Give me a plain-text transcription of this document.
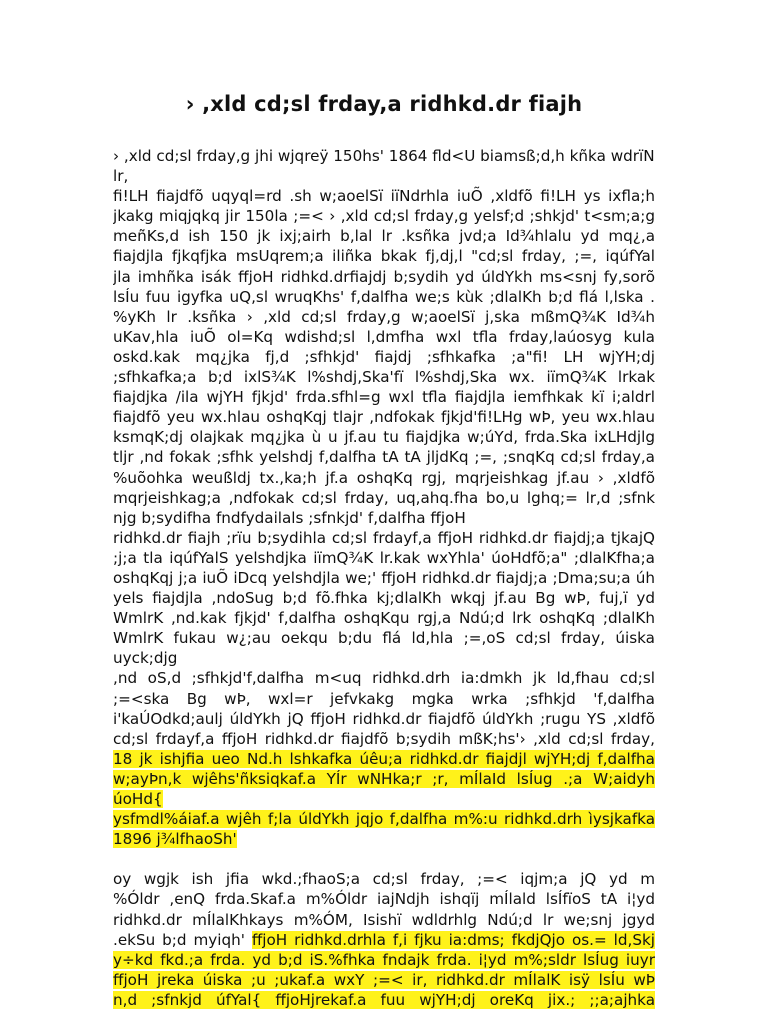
› ,xld cd;sl frday,a ridhkd.dr fiajh
› ,xld cd;sl frday,g jhi wjqreÿ 150hs' 1864 fld<U biamsß;d,h kñka wdrïN
lr,
fi!LH fiajdfõ uqyql=rd .sh w;aoelSï iïNdrhla iuÕ ,xldfõ fi!LH ys ixfla;h
jkakg miqjqkq jir 150la ;=< › ,xld cd;sl frday,g yelsf;d ;shkjd' t<sm;a;g
meñKs,d ish 150 jk ixj;airh b,lal lr .ksñka jvd;a Id¾hlalu yd mq¿,a
fiajdjla fjkqfjka msUqrem;a iliñka bkak fj,dj,l "cd;sl frday, ;=, iqúfYal
jla imhñka isák ffjoH ridhkd.drfiajdj b;sydih yd úldYkh ms<snj fy,sorõ
lsÍu fuu igyfka uQ,sl wruqKhs' f,dalfha we;s kùk ;dlalKh b;d flá l,lska .
%yKh lr .ksñka › ,xld cd;sl frday,g w;aoelSï j,ska mßmQ¾K Id¾h
uKav,hla iuÕ ol=Kq wdishd;sl l,dmfha wxl tfla frday,laúosyg kula
oskd.kak mq¿jka fj,d ;sfhkjd' fiajdj ;sfhkafka ;a"fi! LH wjYH;dj
;sfhkafka;a b;d ixlS¾K l%shdj,Ska'fï l%shdj,Ska wx. iïmQ¾K lrkak
fiajdjka /ila wjYH fjkjd' frda.sfhl=g wxl tfla fiajdjla iemfhkak kï i;aldrl
fiajdfõ yeu wx.hlau oshqKqj tlajr ,ndfokak fjkjd'fi!LHg wÞ, yeu wx.hlau
ksmqK;dj olajkak mq¿jka ù u jf.au tu fiajdjka w;úYd, frda.Ska ixLHdjlg
tljr ,nd fokak ;sfhk yelshdj f,dalfha tA tA jljdKq ;=, ;snqKq cd;sl frday,a
%uõohka weußldj tx.,ka;h jf.a oshqKq rgj, mqrjeishkag jf.au › ,xldfõ
mqrjeishkag;a ,ndfokak cd;sl frday, uq,ahq.fha bo,u lghq;= lr,d ;sfnk
njg b;sydifha fndfydailals ;sfnkjd' f,dalfha ffjoH
ridhkd.dr fiajh ;rïu b;sydihla cd;sl frdayf,a ffjoH ridhkd.dr fiajdj;a tjkajQ
;j;a tla iqúfYalS yelshdjka iïmQ¾K lr.kak wxYhla' úoHdfõ;a" ;dlalKfha;a
oshqKqj j;a iuÕ iDcq yelshdjla we;' ffjoH ridhkd.dr fiajdj;a ;Dma;su;a úh
yels fiajdjla ,ndoSug b;d fõ.fhka kj;dlalKh wkqj jf.au Bg wÞ, fuj,ï yd
WmlrK ,nd.kak fjkjd' f,dalfha oshqKqu rgj,a Ndú;d lrk oshqKq ;dlalKh
WmlrK fukau w¿;au oekqu b;du flá ld,hla ;=,oS cd;sl frday, úiska
uyck;djg
,nd oS,d ;sfhkjd'f,dalfha m<uq ridhkd.drh ia:dmkh jk ld,fhau cd;sl
;=<ska Bg wÞ, wxl=r jefvkakg mgka wrka ;sfhkjd 'f,dalfha
i'kaÚOdkd;aulj úldYkh jQ ffjoH ridhkd.dr fiajdfõ úldYkh ;rugu YS ,xldfõ
cd;sl frdayf,a ffjoH ridhkd.dr fiajdfõ b;sydih mßK;hs'› ,xld cd;sl frday,
18 jk ishjfia ueo Nd.h lshkafka úêu;a ridhkd.dr fiajdjl wjYH;dj f,dalfha
w;ayÞn,k wjêhs'ñksiqkaf.a YÍr wNHka;r ;r, mÍlaId lsÍug .;a W;aidyh
úoHd{
ysfmdl%áiaf.a wjêh f;la úldYkh jqjo f,dalfha m%:u ridhkd.drh ìysjkafka
1896 j¾lfhaoSh'
oy wgjk ish jfia wkd.;fhaoS;a cd;sl frday, ;=< iqjm;a jQ yd m
%Óldr ,enQ frda.Skaf.a m%Óldr iajNdjh ishqïj mÍlald lsÍfïoS tA i¦yd
ridhkd.dr mÍlalKhkays m%ÓM, Isishï wdldrhlg Ndú;d lr we;snj jgyd
.ekSu b;d myiqh' ffjoH ridhkd.drhla f,i fjku ia:dms; fkdjQjo os.= ld,Skj
y÷kd fkd.;a frda. yd b;d iS.%fhka fndajk frda. i¦yd m%;sldr lsÍug iuyr
ffjoH jreka úiska ;u ;ukaf.a wxY ;=< ir, ridhkd.dr mÍlalK isÿ lsÍu wÞ
n,d ;sfnkjd úfYal{ ffjoHjrekaf.a fuu wjYH;dj oreKq jix.; ;;a;ajhka
